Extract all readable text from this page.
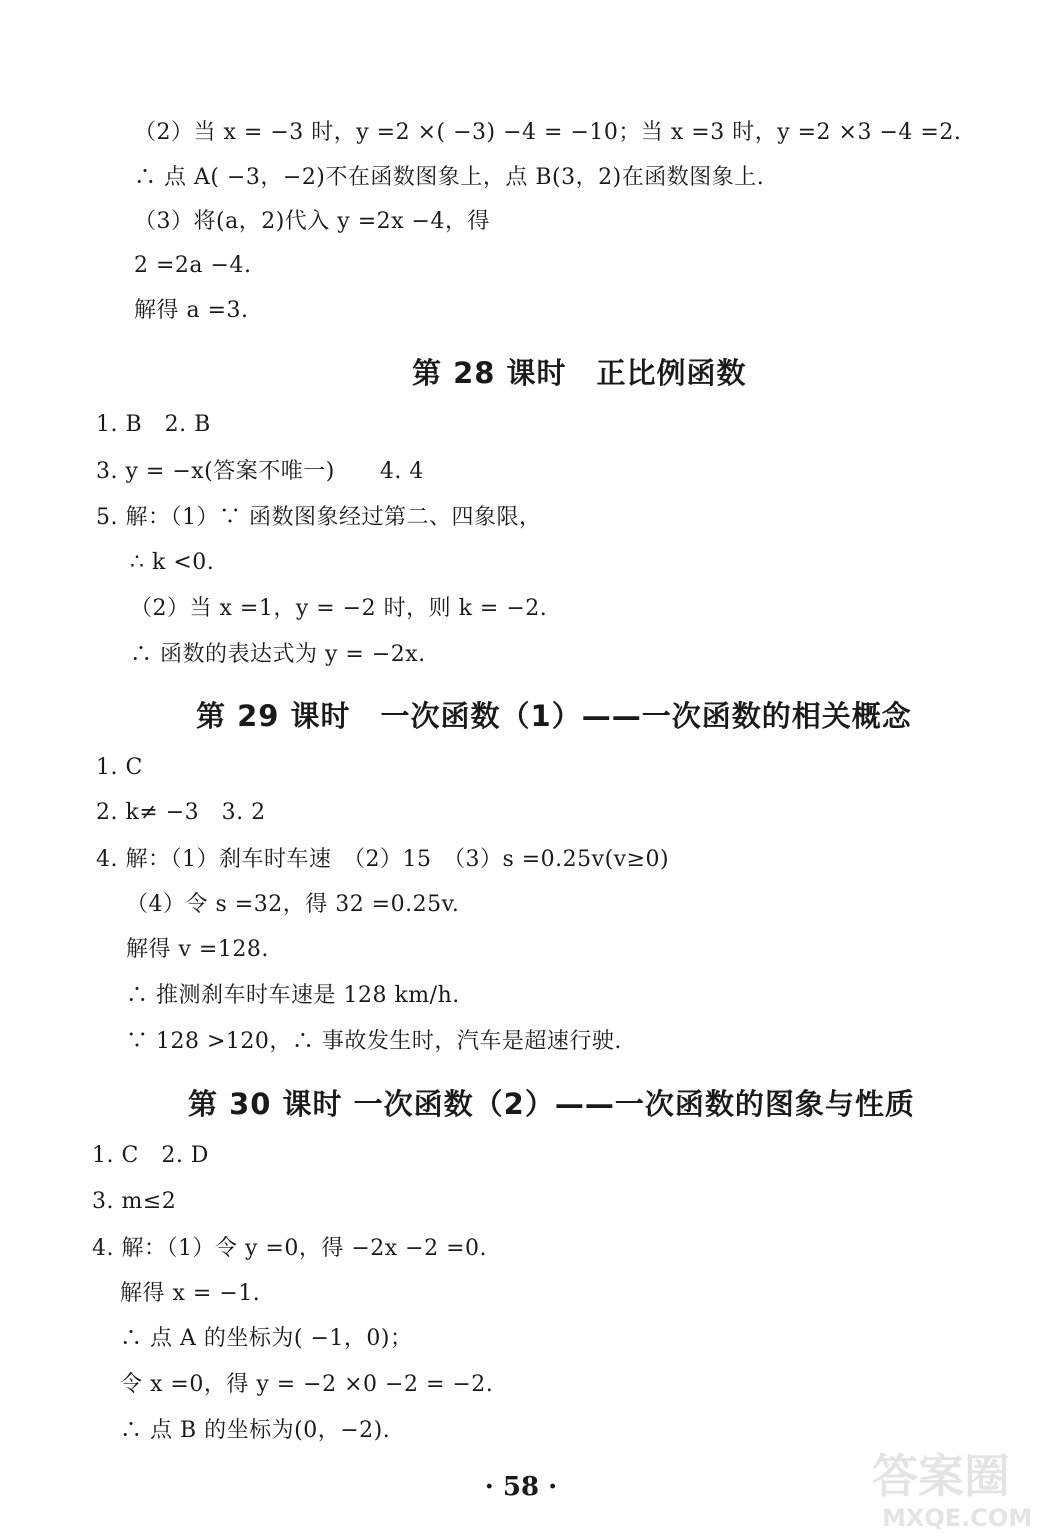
（2）当 x = −3 时，y =2 ×( −3) −4 = −10；当 x =3 时，y =2 ×3 −4 =2.
∴ 点 A( −3，−2)不在函数图象上，点 B(3，2)在函数图象上.
（3）将(a，2)代入 y =2x −4，得
2 =2a −4.
解得 a =3.
第 28 课时　正比例函数
1. B　2. B
3. y = −x(答案不唯一)　　4. 4
5. 解：（1）∵ 函数图象经过第二、四象限，
∴ k <0.
（2）当 x =1，y = −2 时，则 k = −2.
∴ 函数的表达式为 y = −2x.
第 29 课时　一次函数（1）——一次函数的相关概念
1. C
2. k≠ −3　3. 2
4. 解：（1）刹车时车速　（2）15　（3）s =0.25v(v≥0)
（4）令 s =32，得 32 =0.25v.
解得 v =128.
∴ 推测刹车时车速是 128 km/h.
∵ 128 >120，∴ 事故发生时，汽车是超速行驶.
第 30 课时 一次函数（2）——一次函数的图象与性质
1. C　2. D
3. m≤2
4. 解：（1）令 y =0，得 −2x −2 =0.
解得 x = −1.
∴ 点 A 的坐标为( −1，0)；
令 x =0，得 y = −2 ×0 −2 = −2.
∴ 点 B 的坐标为(0，−2).
· 58 ·	答案圈
MXQE.COM
